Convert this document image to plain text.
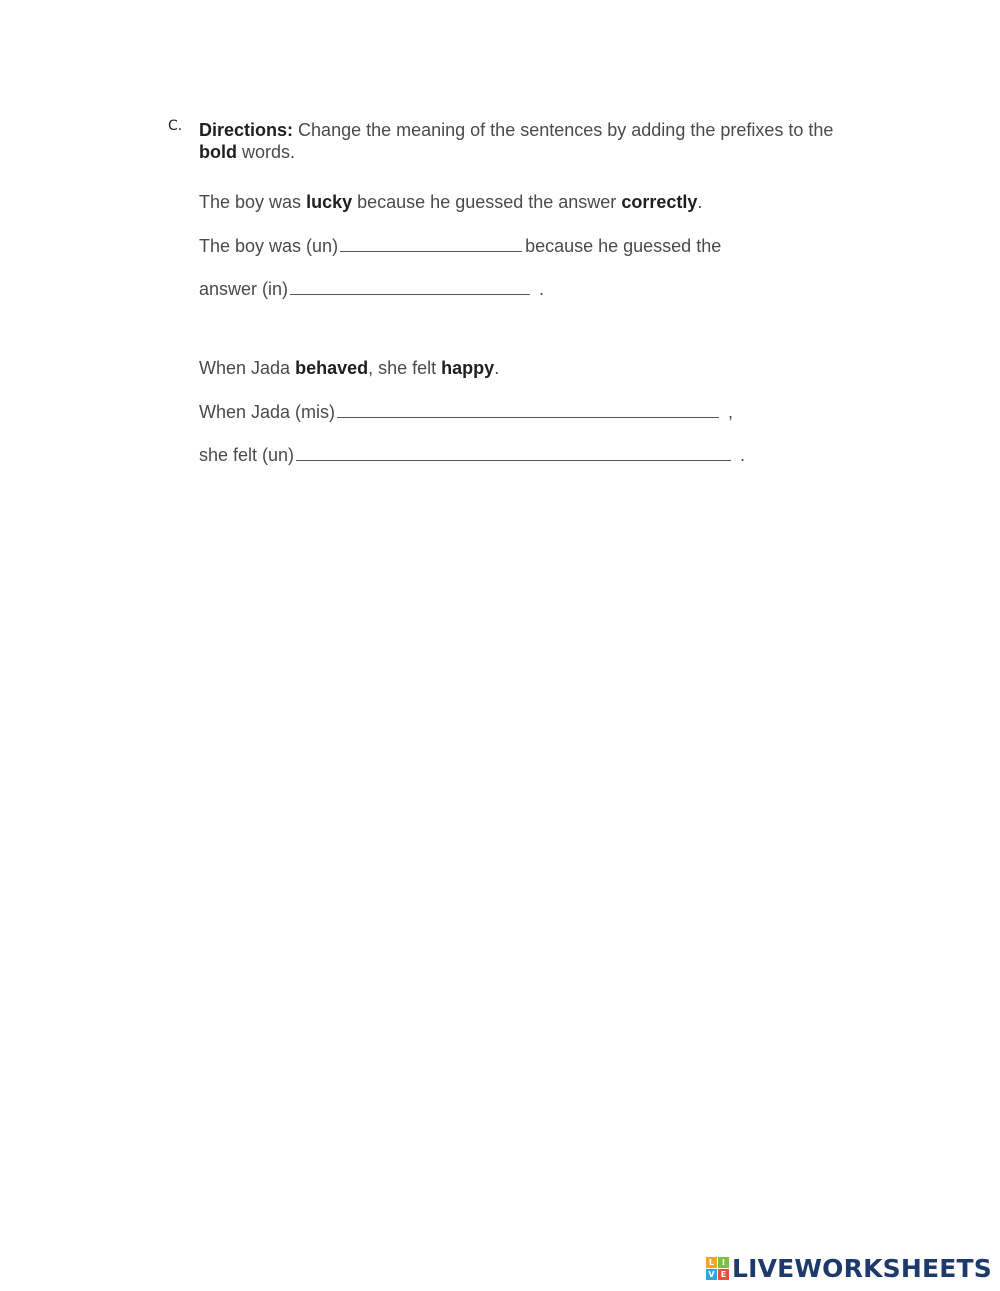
C. Directions: Change the meaning of the sentences by adding the prefixes to the bold words.
The boy was
lucky
because he guessed the answer
correctly .
The boy was (un)	because he guessed the
answer (in)	.
When Jada
behaved , she felt
happy .
When Jada (mis)	,
she felt (un)	.
L I
V E LIVEWORKSHEETS
